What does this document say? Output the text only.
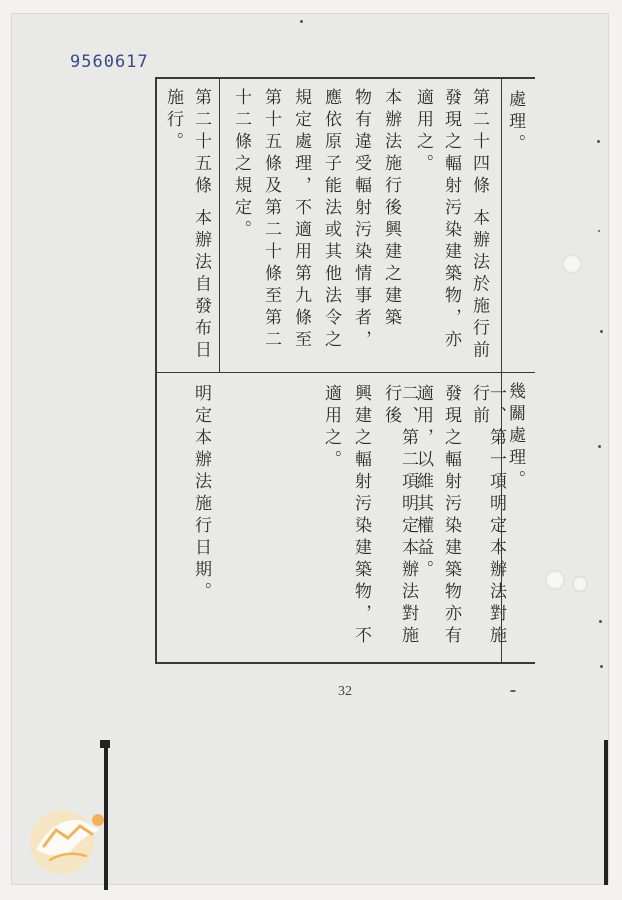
9560617
處理。
第二十四條 本辦法於施行前
發現之輻射污染建築物，亦
適用之。
本辦法施行後興建之建築
物有違受輻射污染情事者，
應依原子能法或其他法令之
規定處理，不適用第九條至
第十五條及第二十條至第二
十二條之規定。
第二十五條 本辦法自發布日
施行。
幾關處理。
一、第一項明定本辦法對施行前
發現之輻射污染建築物亦有
適用，以維其權益。
二、第二項明定本辦法對施行後
興建之輻射污染建築物，不
適用之。
明定本辦法施行日期。
32
